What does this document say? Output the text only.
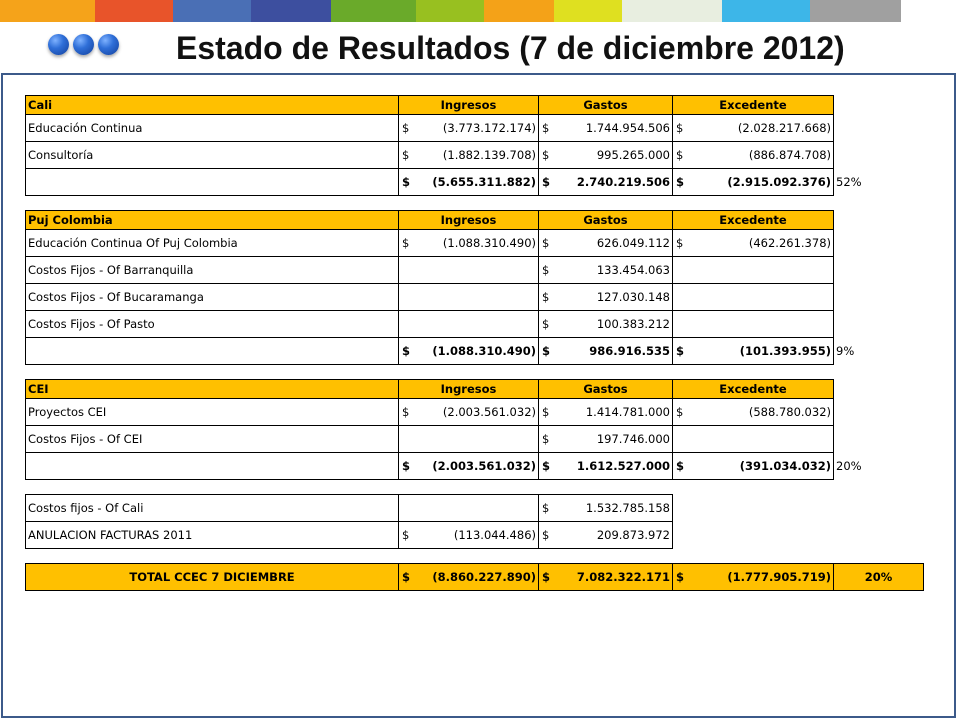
Estado de Resultados (7 de diciembre 2012)
Cali	Ingresos	Gastos	Excedente	
Educación Continua	$ (3.773.172.174)	$ 1.744.954.506	$ (2.028.217.668)	

Consultoría	$ (1.882.139.708)	$ 995.265.000	$ (886.874.708)	

	$ (5.655.311.882)	$ 2.740.219.506	$ (2.915.092.376)	52%

Puj Colombia	Ingresos	Gastos	Excedente	
Educación Continua Of Puj Colombia	$ (1.088.310.490)	$ 626.049.112	$ (462.261.378)	

Costos Fijos - Of Barranquilla		$ 133.454.063		

Costos Fijos - Of Bucaramanga		$ 127.030.148		

Costos Fijos - Of Pasto		$ 100.383.212		

	$ (1.088.310.490)	$ 986.916.535	$ (101.393.955)	9%

CEI	Ingresos	Gastos	Excedente	
Proyectos CEI	$ (2.003.561.032)	$ 1.414.781.000	$ (588.780.032)	

Costos Fijos - Of CEI		$ 197.746.000		

	$ (2.003.561.032)	$ 1.612.527.000	$ (391.034.032)	20%

Costos fijos - Of Cali		$ 1.532.785.158		

ANULACION FACTURAS 2011	$ (113.044.486)	$ 209.873.972		

TOTAL CCEC 7 DICIEMBRE	$ (8.860.227.890)	$ 7.082.322.171	$ (1.777.905.719)	20%
